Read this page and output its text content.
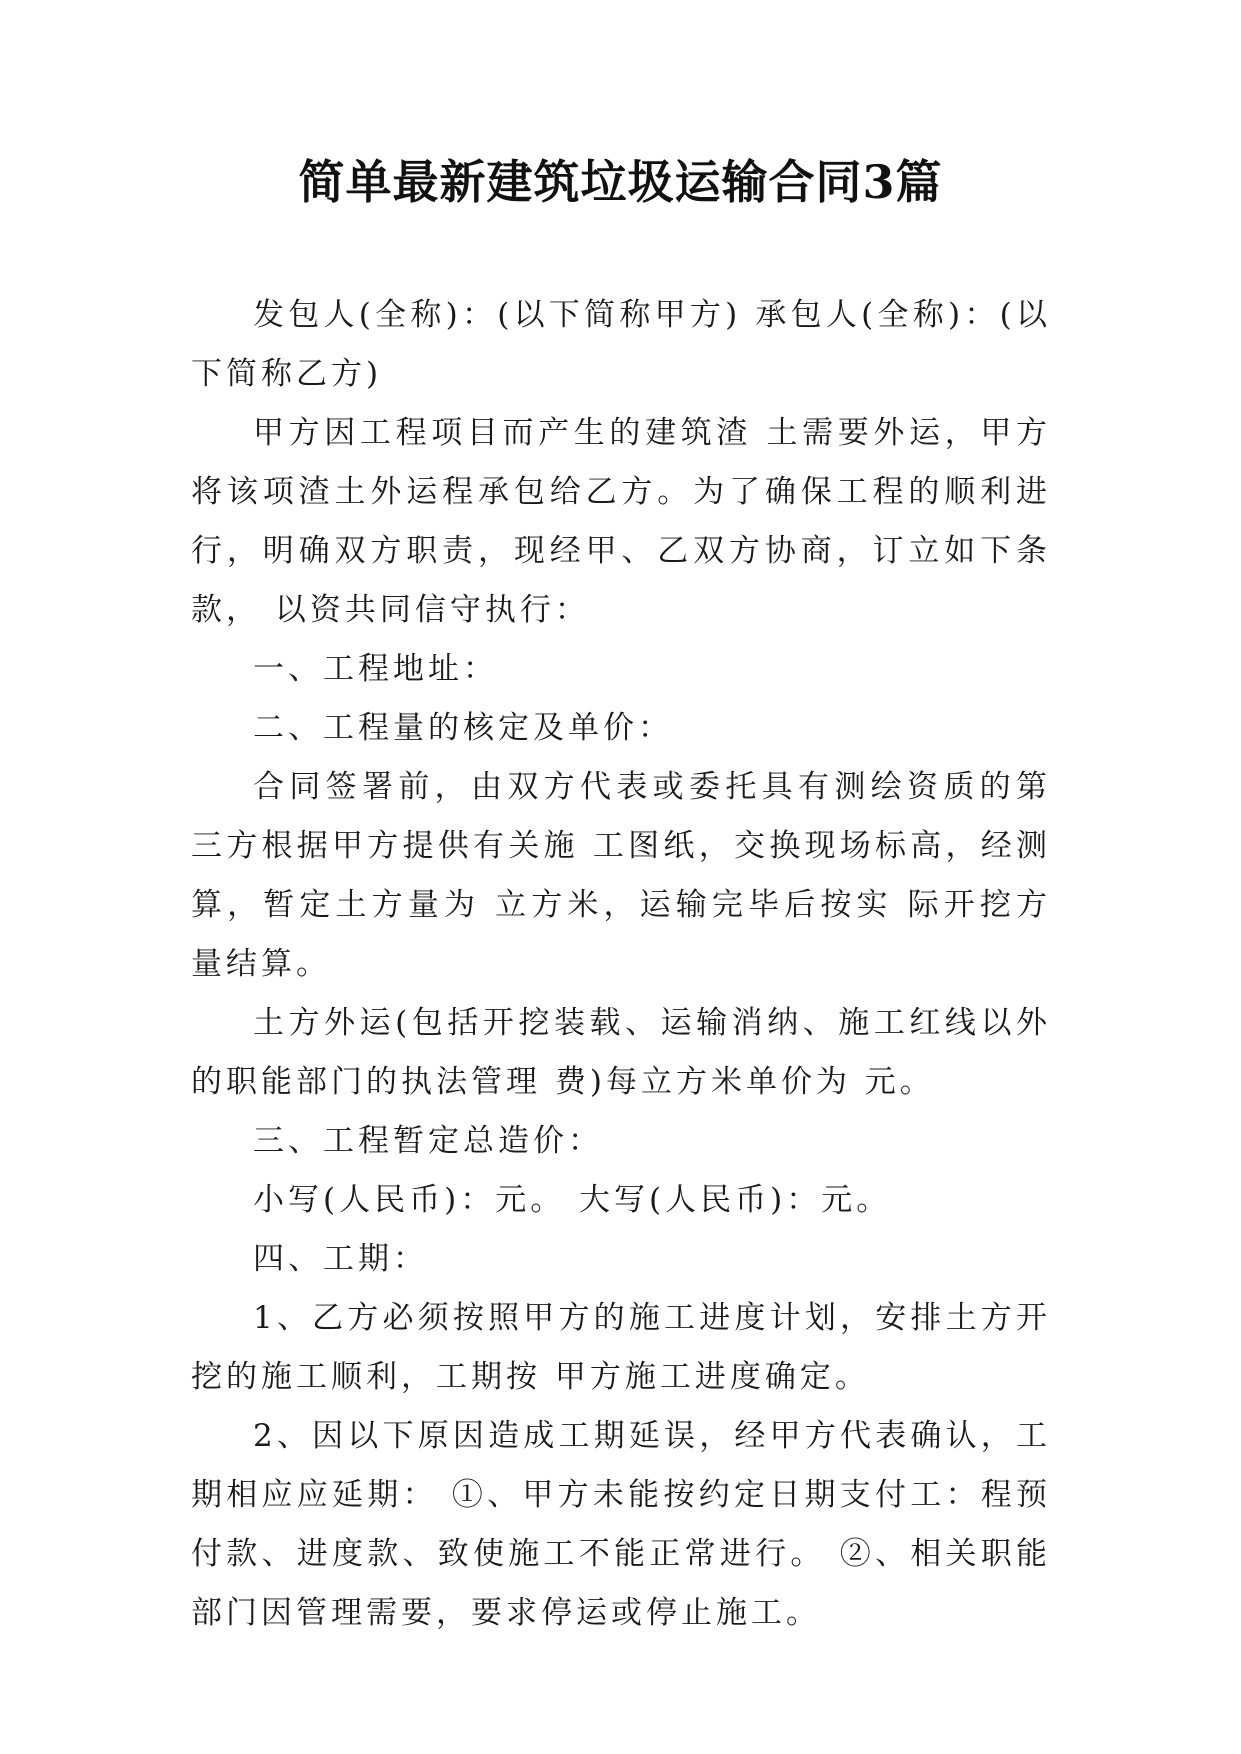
简单最新建筑垃圾运输合同3篇

发包人(全称)：(以下简称甲方) 承包人(全称)：(以下简称乙方)

甲方因工程项目而产生的建筑渣 土需要外运，甲方将该项渣土外运程承包给乙方。为了确保工程的顺利进行，明确双方职责，现经甲、乙双方协商，订立如下条款， 以资共同信守执行：

一、工程地址：

二、工程量的核定及单价：

合同签署前，由双方代表或委托具有测绘资质的第三方根据甲方提供有关施 工图纸，交换现场标高，经测算，暂定土方量为 立方米，运输完毕后按实 际开挖方量结算。

土方外运(包括开挖装载、运输消纳、施工红线以外的职能部门的执法管理 费)每立方米单价为 元。

三、工程暂定总造价：

小写(人民币)：元。 大写(人民币)：元。

四、工期：

1、乙方必须按照甲方的施工进度计划，安排土方开挖的施工顺利，工期按 甲方施工进度确定。

2、因以下原因造成工期延误，经甲方代表确认，工期相应应延期： ①、甲方未能按约定日期支付工：程预付款、进度款、致使施工不能正常进行。 ②、相关职能部门因管理需要，要求停运或停止施工。
